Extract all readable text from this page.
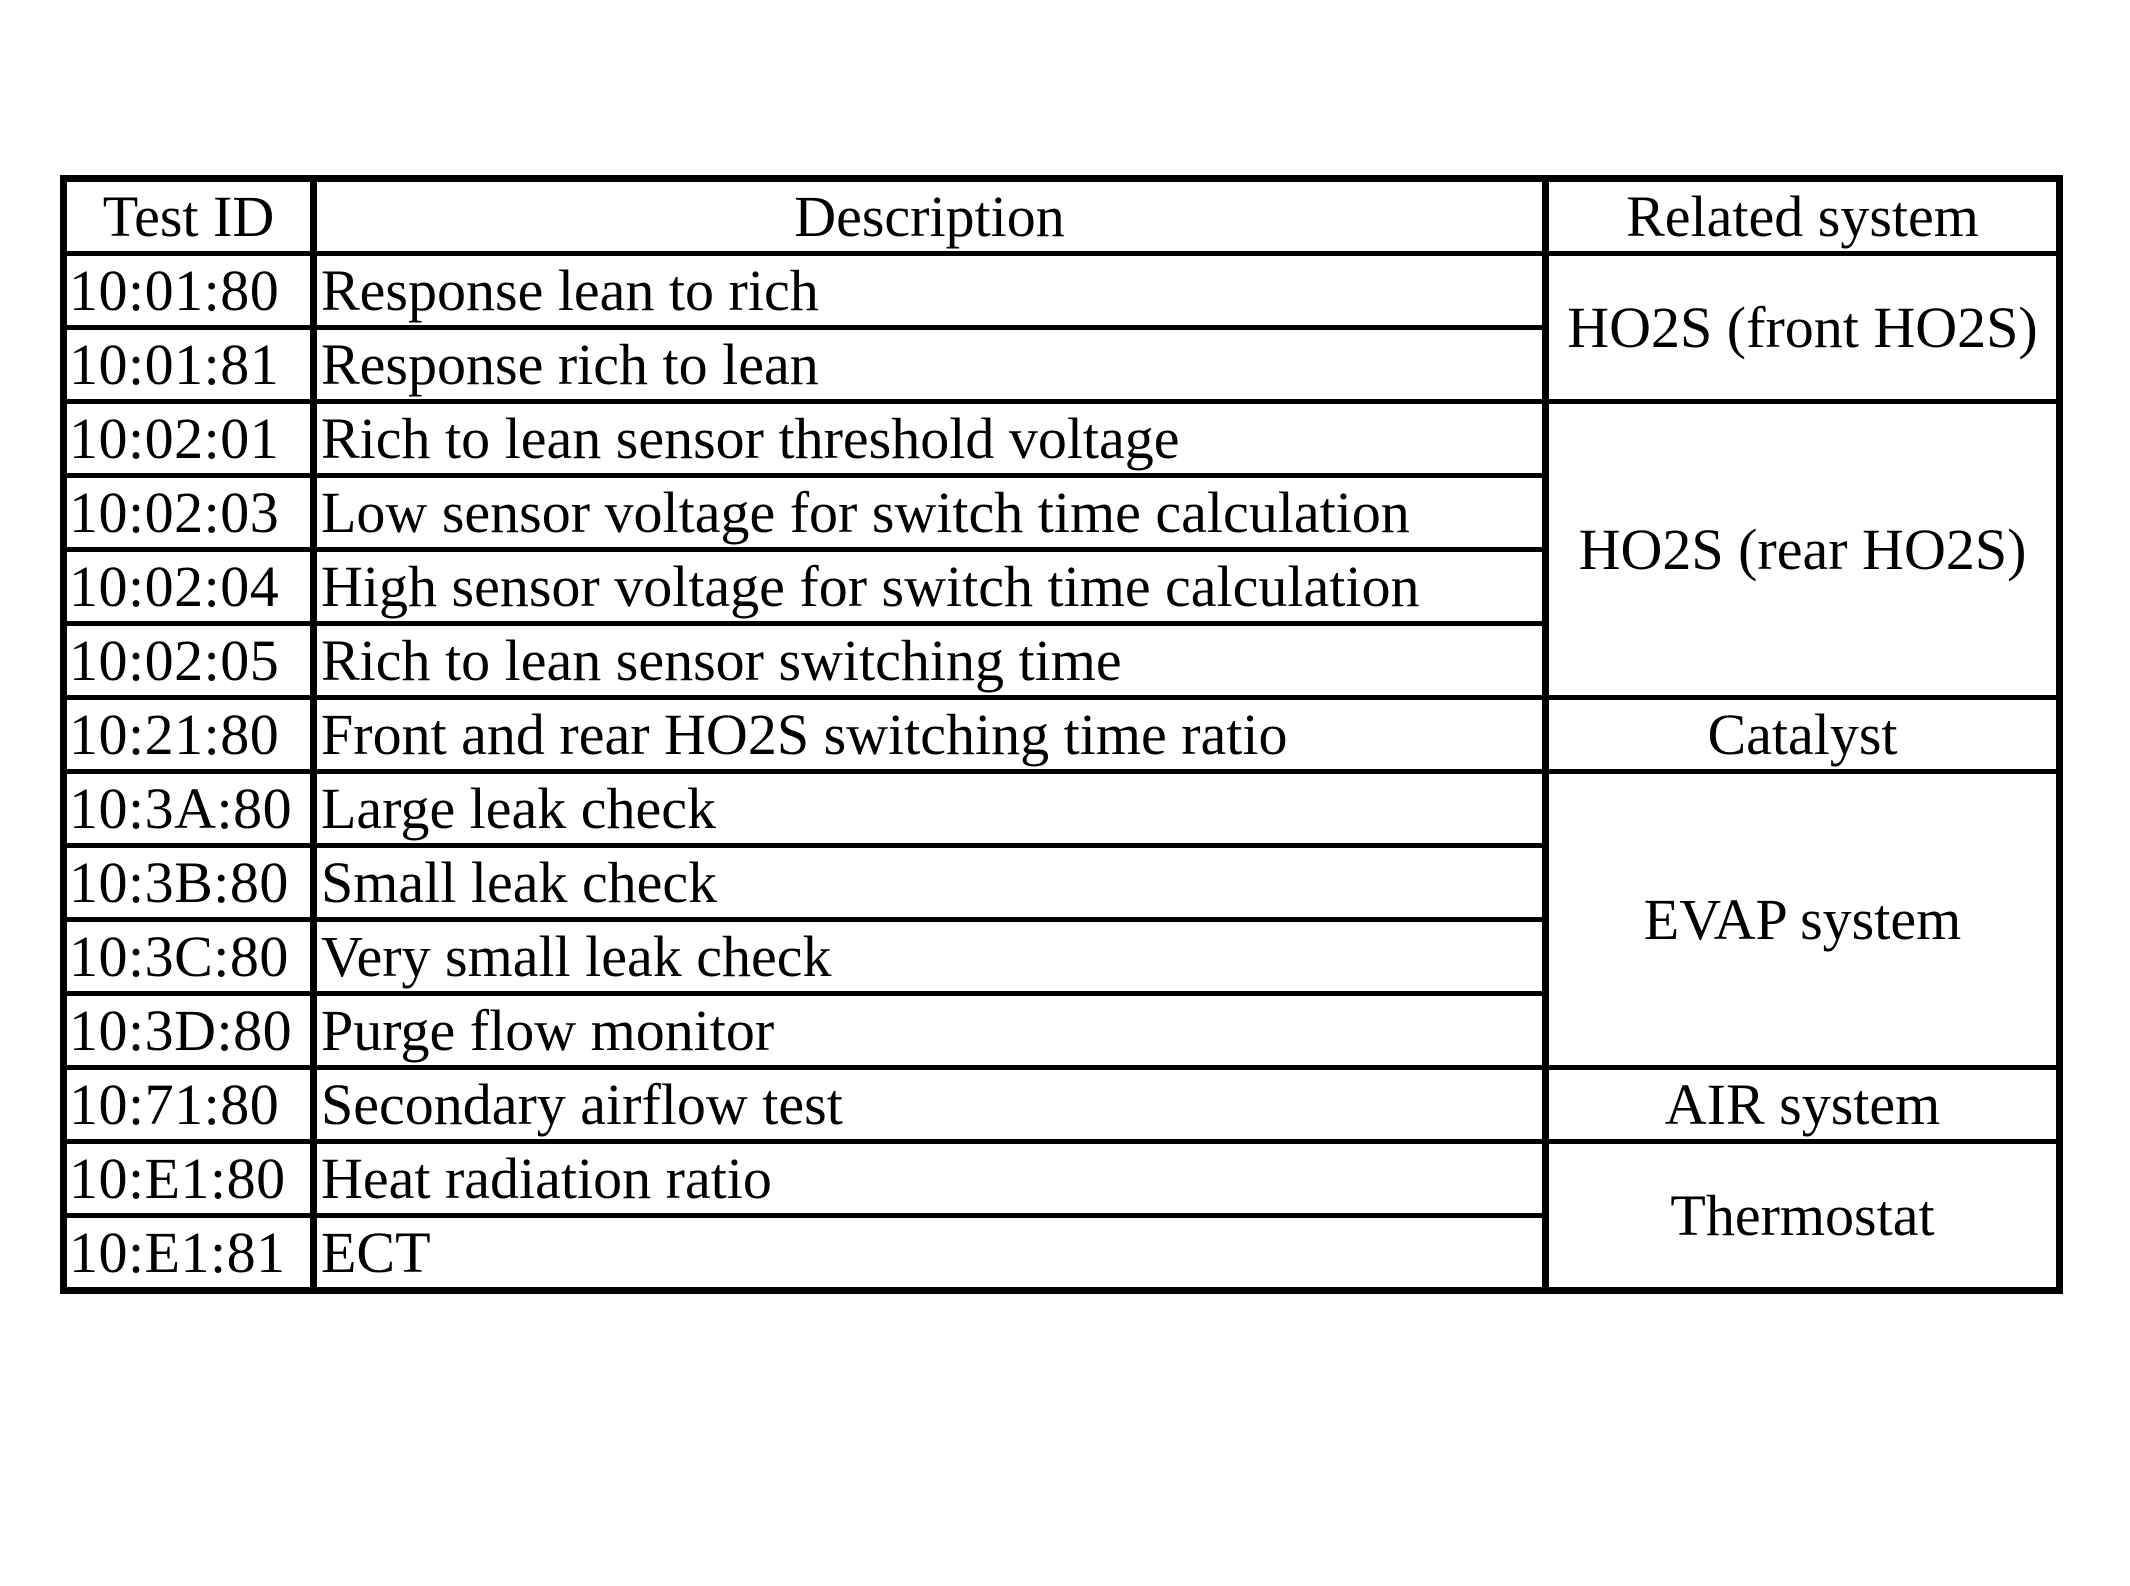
Test ID	Description	Related system
10:01:80	Response lean to rich	HO2S (front HO2S)
10:01:81	Response rich to lean	
10:02:01	Rich to lean sensor threshold voltage	HO2S (rear HO2S)
10:02:03	Low sensor voltage for switch time calculation	
10:02:04	High sensor voltage for switch time calculation	
10:02:05	Rich to lean sensor switching time	
10:21:80	Front and rear HO2S switching time ratio	Catalyst
10:3A:80	Large leak check	EVAP system
10:3B:80	Small leak check	
10:3C:80	Very small leak check	
10:3D:80	Purge flow monitor	
10:71:80	Secondary airflow test	AIR system
10:E1:80	Heat radiation ratio	Thermostat
10:E1:81	ECT	
